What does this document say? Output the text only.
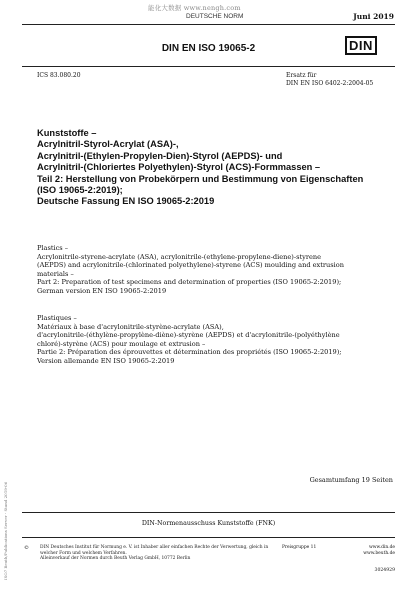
能化大数据 www.nengh.com
DEUTSCHE NORM	Juni 2019
DIN EN ISO 19065-2	DIN
ICS 83.080.20	Ersatz für
DIN EN ISO 6402-2:2004-05
Kunststoffe –
Acrylnitril-Styrol-Acrylat (ASA)-,
Acrylnitril-(Ethylen-Propylen-Dien)-Styrol (AEPDS)- und
Acrylnitril-(Chloriertes Polyethylen)-Styrol (ACS)-Formmassen –
Teil 2: Herstellung von Probekörpern und Bestimmung von Eigenschaften
(ISO 19065-2:2019);
Deutsche Fassung EN ISO 19065-2:2019
Plastics –
Acrylonitrile-styrene-acrylate (ASA), acrylonitrile-(ethylene-propylene-diene)-styrene
(AEPDS) and acrylonitrile-(chlorinated polyethylene)-styrene (ACS) moulding and extrusion
materials –
Part 2: Preparation of test specimens and determination of properties (ISO 19065-2:2019);
German version EN ISO 19065-2:2019
Plastiques –
Matériaux à base d'acrylonitrile-styrène-acrylate (ASA),
d'acrylonitrile-(éthylène-propylène-diène)-styrène (AEPDS) et d'acrylonitrile-(polyéthylène
chloré)-styrène (ACS) pour moulage et extrusion –
Partie 2: Préparation des éprouvettes et détermination des propriétés (ISO 19065-2:2019);
Version allemande EN ISO 19065-2:2019
Gesamtumfang 19 Seiten
DIN-Normenausschuss Kunststoffe (FNK)
©	DIN Deutsches Institut für Normung e. V. ist Inhaber aller einfachen Rechte der Verwertung, gleich in
welcher Form und welchem Verfahren.
Alleinverkauf der Normen durch Beuth Verlag GmbH, 10772 Berlin
Preisgruppe 11	www.din.de
www.beuth.de
3024929
ISO7 Beuth/Publications Server - Stand 2019-06
